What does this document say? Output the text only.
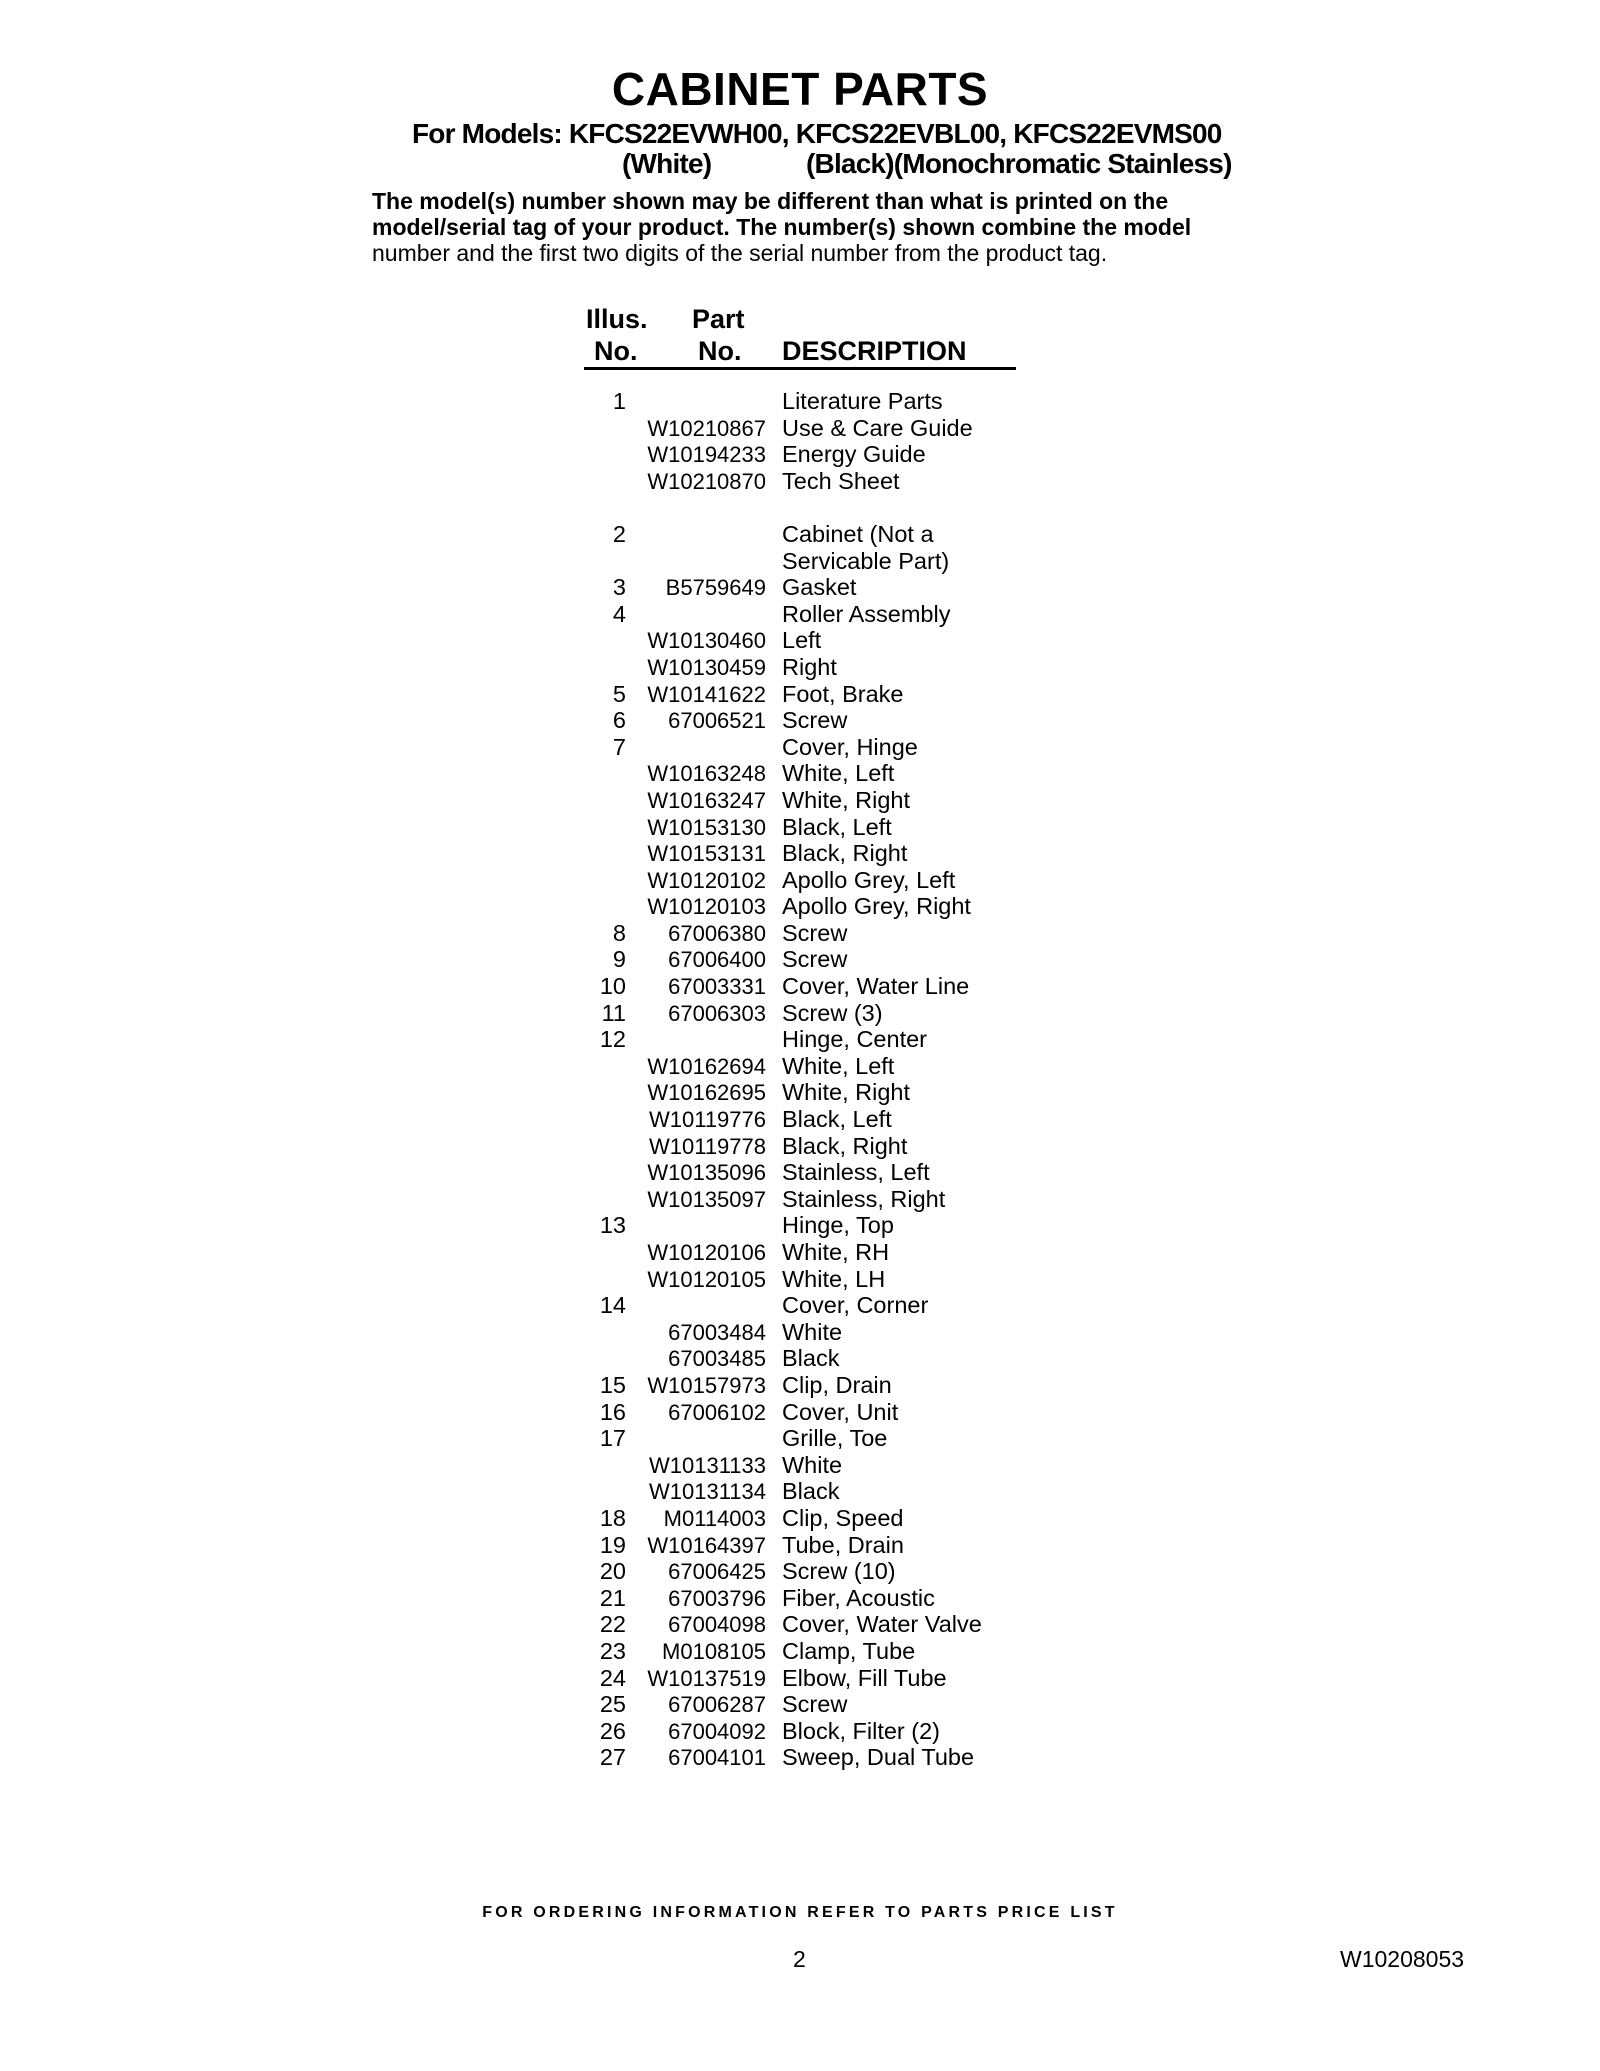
CABINET PARTS
For Models: KFCS22EVWH00, KFCS22EVBL00, KFCS22EVMS00
(White)	(Black)(Monochromatic Stainless)
The model(s) number shown may be different than what is printed on the model/serial tag of your product. The number(s) shown combine the model
number and the first two digits of the serial number from the product tag.
Illus.
No.
Part
No. DESCRIPTION
1	Literature Parts
W10210867 Use & Care Guide
W10194233 Energy Guide
W10210870 Tech Sheet
2	Cabinet (Not a
Servicable Part)
3 B5759649 Gasket
4	Roller Assembly
W10130460 Left
W10130459 Right
5 W10141622 Foot, Brake
6 67006521 Screw
7	Cover, Hinge
W10163248 White, Left
W10163247 White, Right
W10153130 Black, Left
W10153131 Black, Right
W10120102 Apollo Grey, Left
W10120103 Apollo Grey, Right
8 67006380 Screw
9 67006400 Screw
10 67003331 Cover, Water Line
11 67006303 Screw (3)
12	Hinge, Center
W10162694 White, Left
W10162695 White, Right
W10119776 Black, Left
W10119778 Black, Right
W10135096 Stainless, Left
W10135097 Stainless, Right
13	Hinge, Top
W10120106 White, RH
W10120105 White, LH
14	Cover, Corner
67003484 White
67003485 Black
15 W10157973 Clip, Drain
16 67006102 Cover, Unit
17	Grille, Toe
W10131133 White
W10131134 Black
18 M0114003 Clip, Speed
19 W10164397 Tube, Drain
20 67006425 Screw (10)
21 67003796 Fiber, Acoustic
22 67004098 Cover, Water Valve
23 M0108105 Clamp, Tube
24 W10137519 Elbow, Fill Tube
25 67006287 Screw
26 67004092 Block, Filter (2)
27 67004101 Sweep, Dual Tube
FOR ORDERING INFORMATION REFER TO PARTS PRICE LIST
2	W10208053
